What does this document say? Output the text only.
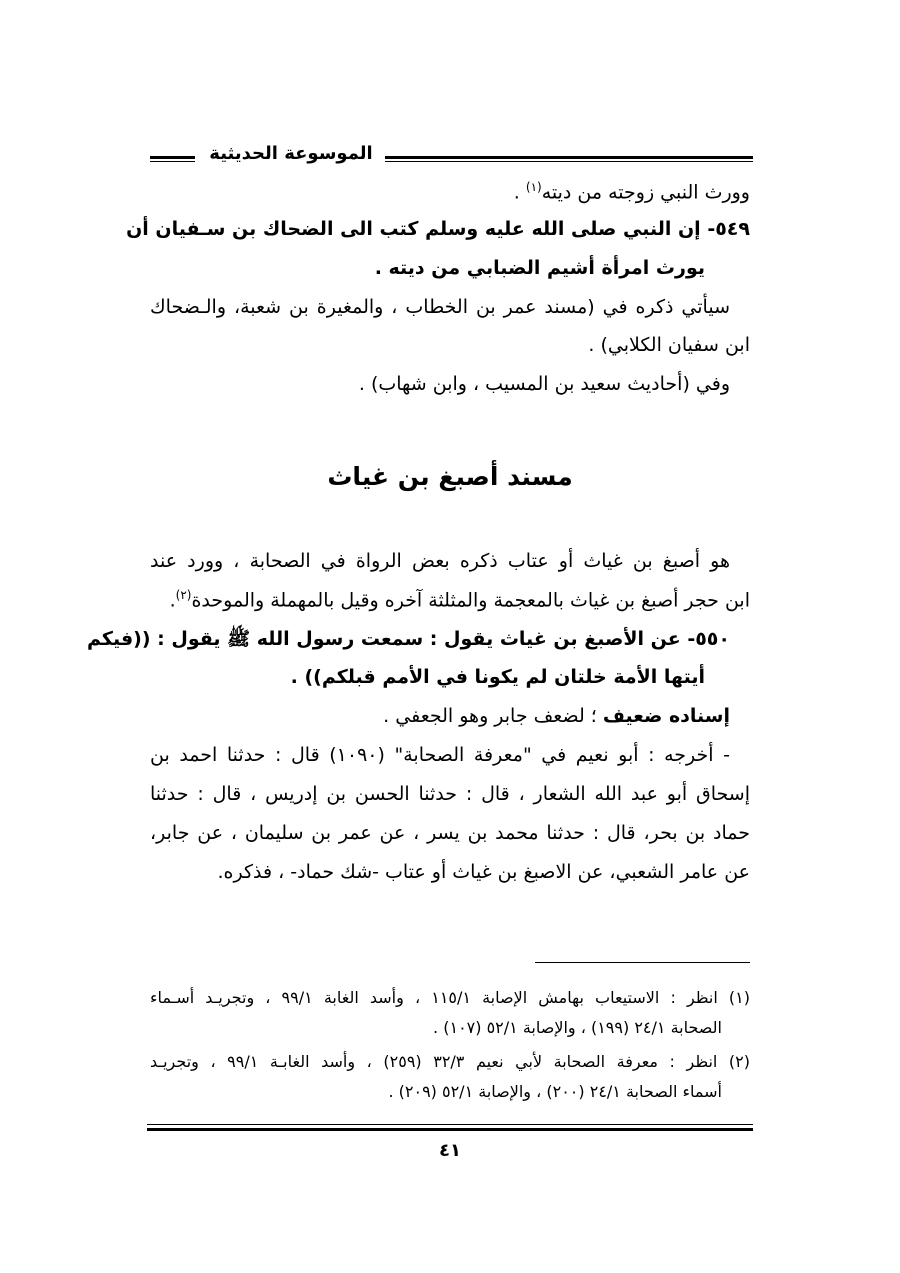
الموسوعة الحديثية
وورث النبي زوجته من ديته$^{(١)}$ .
٥٤٩- إن النبي صلى الله عليه وسلم كتب الى الضحاك بن سـفيان أن
يورث امرأة أشيم الضبابي من ديته .
سيأتي ذكره في (مسند عمر بن الخطاب ، والمغيرة بن شعبة، والـضحاك
ابن سفيان الكلابي) .
وفي (أحاديث سعيد بن المسيب ، وابن شهاب) .
مسند أصبغ بن غياث
هو أصبغ بن غياث أو عتاب ذكره بعض الرواة في الصحابة ، وورد عند
ابن حجر أصبغ بن غياث بالمعجمة والمثلثة آخره وقيل بالمهملة والموحدة$^{(٢)}$.
٥٥٠- عن الأصبغ بن غياث يقول : سمعت رسول الله ﷺ يقول : ((فيكم
أيتها الأمة خلتان لم يكونا في الأمم قبلكم)) .
إسناده ضعيف ؛ لضعف جابر وهو الجعفي .
- أخرجه : أبو نعيم في "معرفة الصحابة" (١٠٩٠) قال : حدثنا احمد بن
إسحاق أبو عبد الله الشعار ، قال : حدثنا الحسن بن إدريس ، قال : حدثنا
حماد بن بحر، قال : حدثنا محمد بن يسر ، عن عمر بن سليمان ، عن جابر،
عن عامر الشعبي، عن الاصبغ بن غياث أو عتاب -شك حماد- ، فذكره.
(١) انظر : الاستيعاب بهامش الإصابة ١١٥/١ ، وأسد الغابة ٩٩/١ ، وتجريـد أسـماء
الصحابة ٢٤/١ (١٩٩) ، والإصابة ٥٢/١ (١٠٧) .
(٢) انظر : معرفة الصحابة لأبي نعيم ٣٢/٣ (٢٥٩) ، وأسد الغابـة ٩٩/١ ، وتجريـد
أسماء الصحابة ٢٤/١ (٢٠٠) ، والإصابة ٥٢/١ (٢٠٩) .
٤١
